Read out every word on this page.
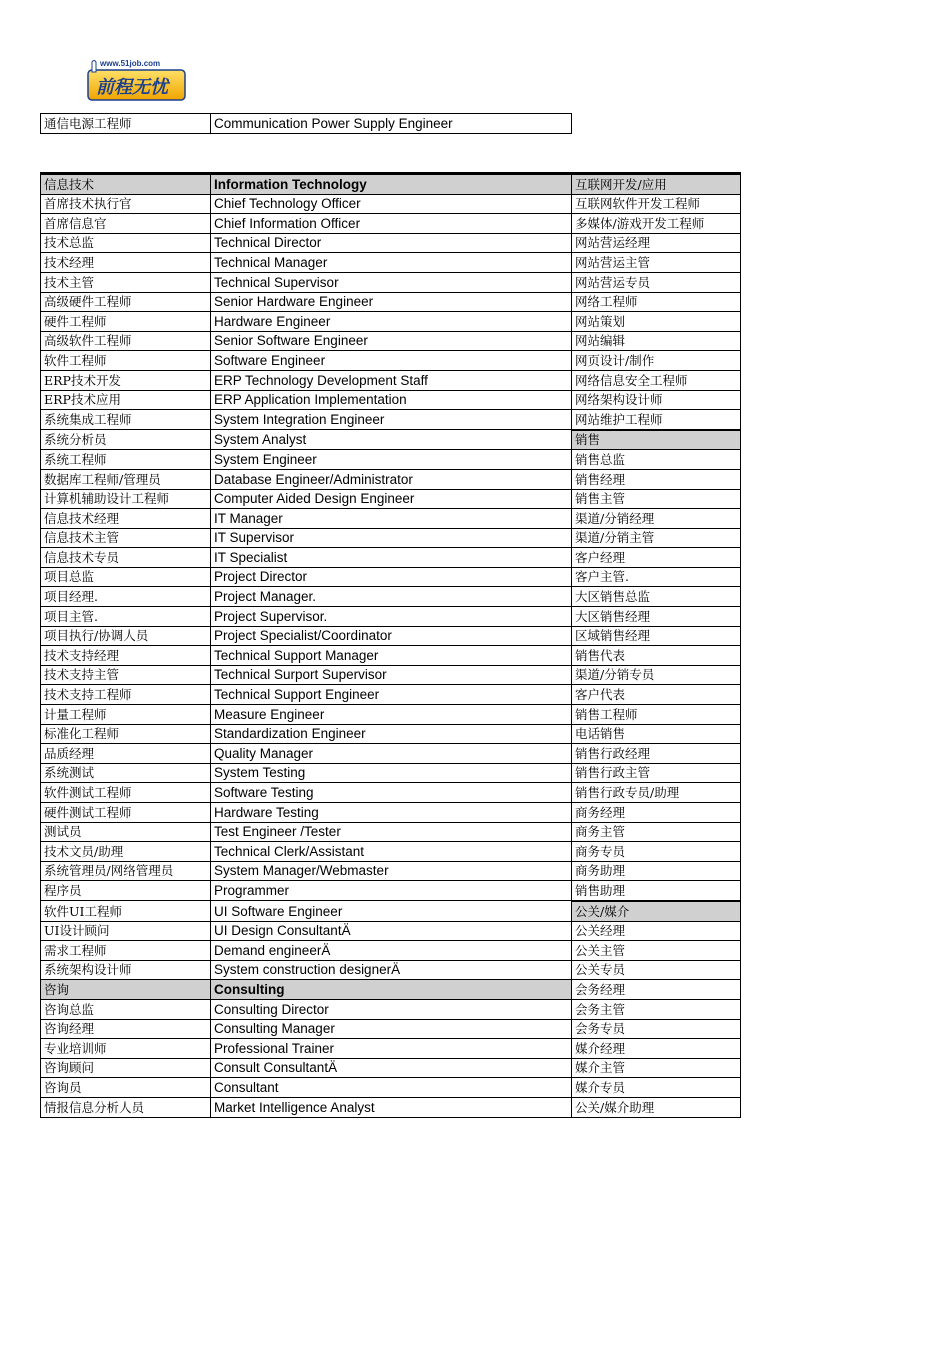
www.51job.com
前程无忧
通信电源工程师	Communication Power Supply Engineer
信息技术	Information Technology	互联网开发/应用
首席技术执行官	Chief Technology Officer	互联网软件开发工程师
首席信息官	Chief Information Officer	多媒体/游戏开发工程师
技术总监	Technical Director	网站营运经理
技术经理	Technical Manager	网站营运主管
技术主管	Technical Supervisor	网站营运专员
高级硬件工程师	Senior Hardware Engineer	网络工程师
硬件工程师	Hardware Engineer	网站策划
高级软件工程师	Senior Software Engineer	网站编辑
软件工程师	Software Engineer	网页设计/制作
ERP技术开发	ERP Technology Development Staff	网络信息安全工程师
ERP技术应用	ERP Application Implementation	网络架构设计师
系统集成工程师	System Integration Engineer	网站维护工程师
系统分析员	System Analyst	销售
系统工程师	System Engineer	销售总监
数据库工程师/管理员	Database Engineer/Administrator	销售经理
计算机辅助设计工程师	Computer Aided Design Engineer	销售主管
信息技术经理	IT Manager	渠道/分销经理
信息技术主管	IT Supervisor	渠道/分销主管
信息技术专员	IT Specialist	客户经理
项目总监	Project Director	客户主管.
项目经理.	Project Manager.	大区销售总监
项目主管.	Project Supervisor.	大区销售经理
项目执行/协调人员	Project Specialist/Coordinator	区域销售经理
技术支持经理	Technical Support Manager	销售代表
技术支持主管	Technical Surport Supervisor	渠道/分销专员
技术支持工程师	Technical Support Engineer	客户代表
计量工程师	Measure Engineer	销售工程师
标准化工程师	Standardization Engineer	电话销售
品质经理	Quality Manager	销售行政经理
系统测试	System Testing	销售行政主管
软件测试工程师	Software Testing	销售行政专员/助理
硬件测试工程师	Hardware Testing	商务经理
测试员	Test Engineer /Tester	商务主管
技术文员/助理	Technical Clerk/Assistant	商务专员
系统管理员/网络管理员	System Manager/Webmaster	商务助理
程序员	Programmer	销售助理
软件UI工程师	UI Software Engineer	公关/媒介
UI设计顾问	UI Design ConsultantÄ	公关经理
需求工程师	Demand engineerÄ	公关主管
系统架构设计师	System construction designerÄ	公关专员
咨询	Consulting	会务经理
咨询总监	Consulting Director	会务主管
咨询经理	Consulting Manager	会务专员
专业培训师	Professional Trainer	媒介经理
咨询顾问	Consult ConsultantÄ	媒介主管
咨询员	Consultant	媒介专员
情报信息分析人员	Market Intelligence Analyst	公关/媒介助理
